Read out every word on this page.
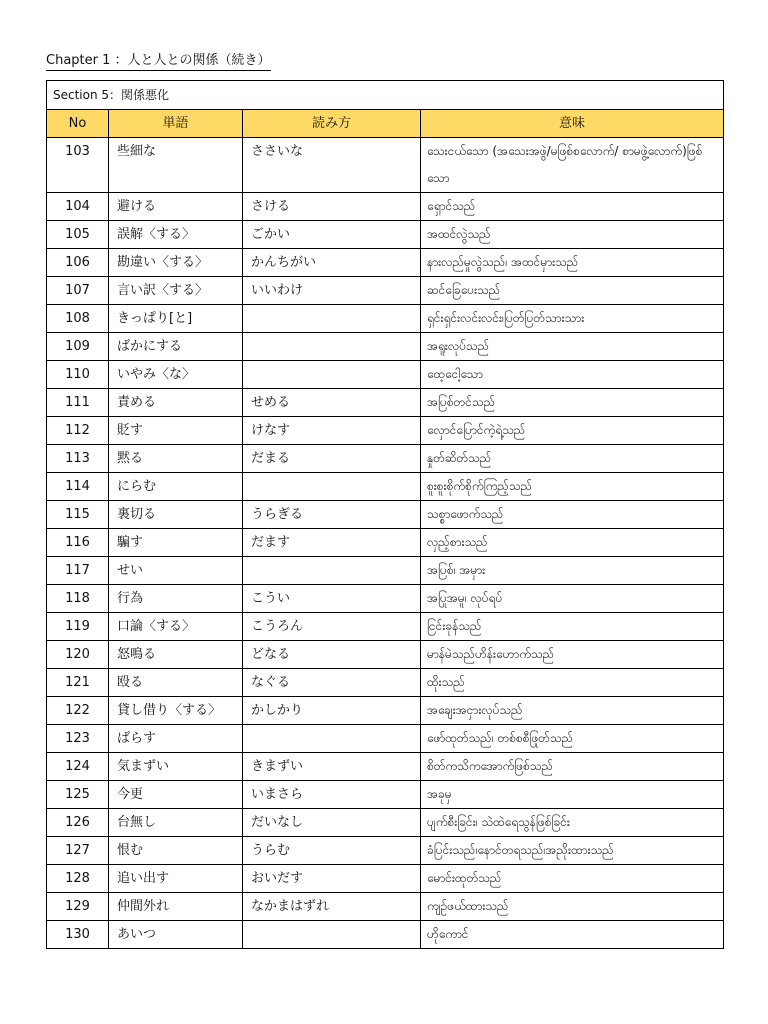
Chapter 1 ：人と人との関係（続き）
Section 5：関係悪化			
No	単語	読み方	意味
103	些細な	ささいな	သေးငယ်သော (အသေးအဖွဲ/မဖြစ်စလောက်/ စာမဖွဲ့လောက်)ဖြစ်သော
104	避ける	さける	ရှောင်သည်
105	誤解〈する〉	ごかい	အထင်လွဲသည်
106	勘違い〈する〉	かんちがい	နားလည်မှုလွဲသည်၊ အထင်မှားသည်
107	言い訳〈する〉	いいわけ	ဆင်ခြေပေးသည်
108	きっぱり[と]		ရှင်းရှင်းလင်းလင်း၊ပြတ်ပြတ်သားသား
109	ばかにする		အရူးလုပ်သည်
110	いやみ〈な〉		ထေ့ငေါ့သော
111	責める	せめる	အပြစ်တင်သည်
112	貶す	けなす	လှောင်ပြောင်ကဲ့ရဲ့သည်
113	黙る	だまる	နှုတ်ဆိတ်သည်
114	にらむ		စူးစူးစိုက်စိုက်ကြည့်သည်
115	裏切る	うらぎる	သစ္စာဖောက်သည်
116	騙す	だます	လှည့်စားသည်
117	せい		အပြစ်၊ အမှား
118	行為	こうい	အပြုအမူ၊ လုပ်ရပ်
119	口論〈する〉	こうろん	ငြင်းခုန်သည်
120	怒鳴る	どなる	မာန်မဲသည်ဟိန်းဟောက်သည်
121	殴る	なぐる	ထိုးသည်
122	貸し借り〈する〉	かしかり	အချေးအငှားလုပ်သည်
123	ばらす		ဖော်ထုတ်သည်၊ တစ်စစီဖြုတ်သည်
124	気まずい	きまずい	စိတ်ကသိကအောက်ဖြစ်သည်
125	今更	いまさら	အခုမှ
126	台無し	だいなし	ပျက်စီးခြင်း၊ သဲထဲရေသွန်ဖြစ်ခြင်း
127	恨む	うらむ	ခံပြင်းသည်၊နောင်တရသည်၊အညိုးထားသည်
128	追い出す	おいだす	မောင်းထုတ်သည်
129	仲間外れ	なかまはずれ	ကျဉ်ဖယ်ထားသည်
130	あいつ		ဟိုကောင်
